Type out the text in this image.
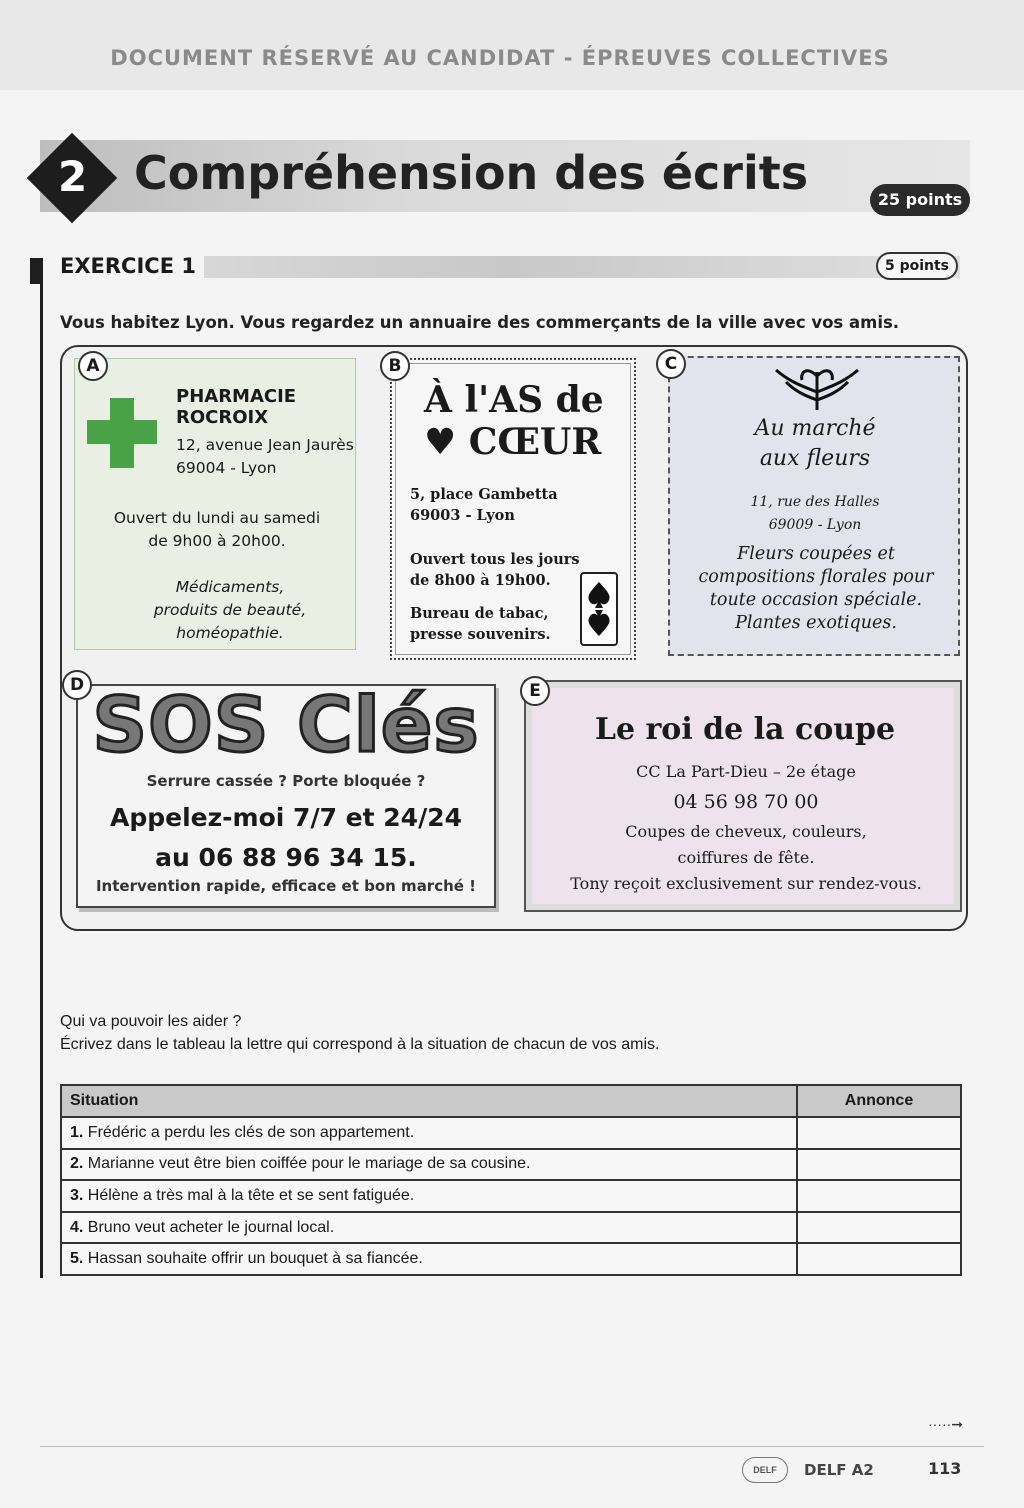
DOCUMENT RÉSERVÉ AU CANDIDAT - ÉPREUVES COLLECTIVES
2 Compréhension des écrits	25 points
EXERCICE 1	5 points
Vous habitez Lyon. Vous regardez un annuaire des commerçants de la ville avec vos amis.
PHARMACIE
ROCROIX
12, avenue Jean Jaurès
69004 - Lyon
Ouvert du lundi au samedi
de 9h00 à 20h00.
Médicaments,
produits de beauté,
homéopathie.
A
À l'AS de
♥ CŒUR
5, place Gambetta
69003 - Lyon
Ouvert tous les jours
de 8h00 à 19h00.
Bureau de tabac,
presse souvenirs.
B
Au marché
aux fleurs
11, rue des Halles
69009 - Lyon
Fleurs coupées et
compositions florales pour
toute occasion spéciale.
Plantes exotiques.
C
SOS Clés
Serrure cassée ? Porte bloquée ?
Appelez-moi 7/7 et 24/24
au 06 88 96 34 15.
Intervention rapide, efficace et bon marché !
D
Le roi de la coupe
CC La Part-Dieu – 2e étage
04 56 98 70 00
Coupes de cheveux, couleurs,
coiffures de fête.
Tony reçoit exclusivement sur rendez-vous.
E
Qui va pouvoir les aider ?
Écrivez dans le tableau la lettre qui correspond à la situation de chacun de vos amis.
Situation	Annonce
1. Frédéric a perdu les clés de son appartement.	
2. Marianne veut être bien coiffée pour le mariage de sa cousine.	
3. Hélène a très mal à la tête et se sent fatiguée.	
4. Bruno veut acheter le journal local.	
5. Hassan souhaite offrir un bouquet à sa fiancée.	
·····➞
DELF	DELF A2	113
